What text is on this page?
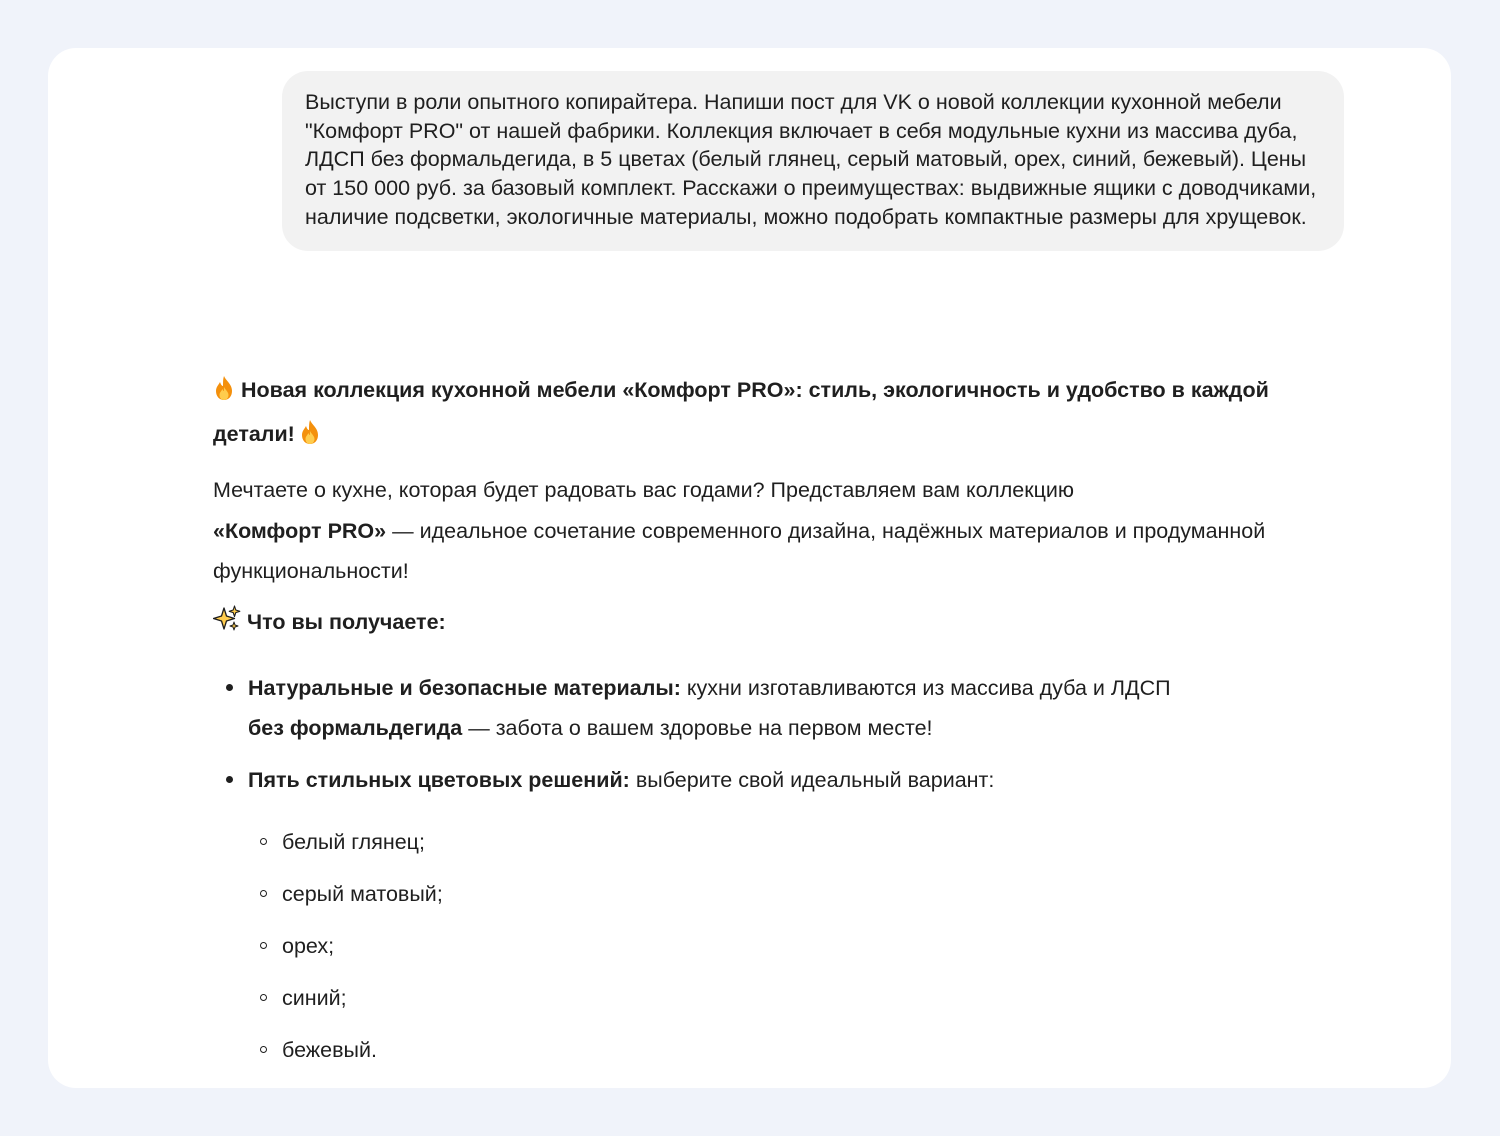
Выступи в роли опытного копирайтера. Напиши пост для VK о новой коллекции кухонной мебели
"Комфорт PRO" от нашей фабрики. Коллекция включает в себя модульные кухни из массива дуба, ЛДСП без формальдегида, в 5 цветах (белый глянец, серый матовый, орех, синий, бежевый). Цены от 150 000 руб. за базовый комплект. Расскажи о преимуществах: выдвижные ящики с доводчиками, наличие подсветки, экологичные материалы, можно подобрать компактные размеры для хрущевок.

Новая коллекция кухонной мебели «Комфорт PRO»: стиль, экологичность и удобство в каждой детали!

Мечтаете о кухне, которая будет радовать вас годами? Представляем вам коллекцию
«Комфорт PRO» — идеальное сочетание современного дизайна, надёжных материалов и продуманной функциональности!

Что вы получаете:

Натуральные и безопасные материалы: кухни изготавливаются из массива дуба и ЛДСП
без формальдегида — забота о вашем здоровье на первом месте!
Пять стильных цветовых решений: выберите свой идеальный вариант:
белый глянец;
серый матовый;
орех;
синий;
бежевый.
